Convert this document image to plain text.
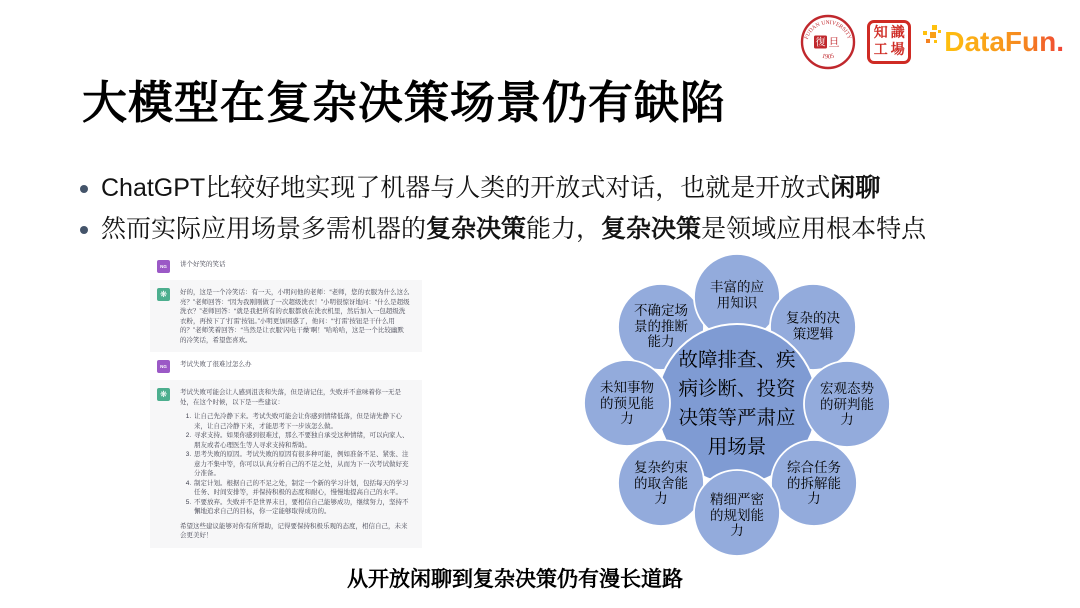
FUDAN UNIVERSITY
1905
復 旦
知識
工場 DataFun.
大模型在复杂决策场景仍有缺陷
ChatGPT比较好地实现了机器与人类的开放式对话，也就是开放式闲聊
然而实际应用场景多需机器的复杂决策能力，复杂决策是领域应用根本特点
NG	讲个好笑的笑话

❋	好的，这是一个冷笑话：有一天，小明问他的老师：“老师，您的衣服为什么这么亮？”老师回答：“因为我刚刚做了一次超级洗衣！”小明很惊讶地问：“什么是超级洗衣？”老师回答：“就是我把所有的衣服都放在洗衣机里，然后加入一包超级洗衣粉，再按下了‘打雷’按钮。”小明更加困惑了，他问：“‘打雷’按钮是干什么用的？”老师笑着回答：“当然是让衣服‘闪电干燥’啊！”哈哈哈，这是一个比较幽默的冷笑话，希望您喜欢。

NG	考试失败了很难过怎么办

❋	考试失败可能会让人感到沮丧和失落，但是请记住，失败并不意味着你一无是处，在这个时候，以下是一些建议：

1. 让自己先冷静下来。考试失败可能会让你感到情绪低落，但是请先静下心来，让自己冷静下来，才能思考下一步该怎么做。
2. 寻求支持。如果你感到很难过，那么不要独自承受这种情绪，可以向家人、朋友或者心理医生等人寻求支持和帮助。
3. 思考失败的原因。考试失败的原因有很多种可能，例如准备不足、紧张、注意力不集中等，你可以认真分析自己的不足之处，从而为下一次考试做好充分准备。
4. 制定计划。根据自己的不足之处，制定一个新的学习计划，包括每天的学习任务、时间安排等，并保持积极的态度和耐心，慢慢地提高自己的水平。
5. 不要放弃。失败并不是世界末日，要相信自己能够成功，继续努力，坚持不懈地追求自己的目标，你一定能够取得成功的。

希望这些建议能够对你有所帮助，记得要保持积极乐观的态度，相信自己，未来会更美好！

丰富的应用知识
复杂的决策逻辑
宏观态势的研判能力
综合任务的拆解能力
精细严密的规划能力
复杂约束的取舍能力
未知事物的预见能力
不确定场景的推断能力
故障排查、疾病诊断、投资决策等严肃应用场景
从开放闲聊到复杂决策仍有漫长道路
